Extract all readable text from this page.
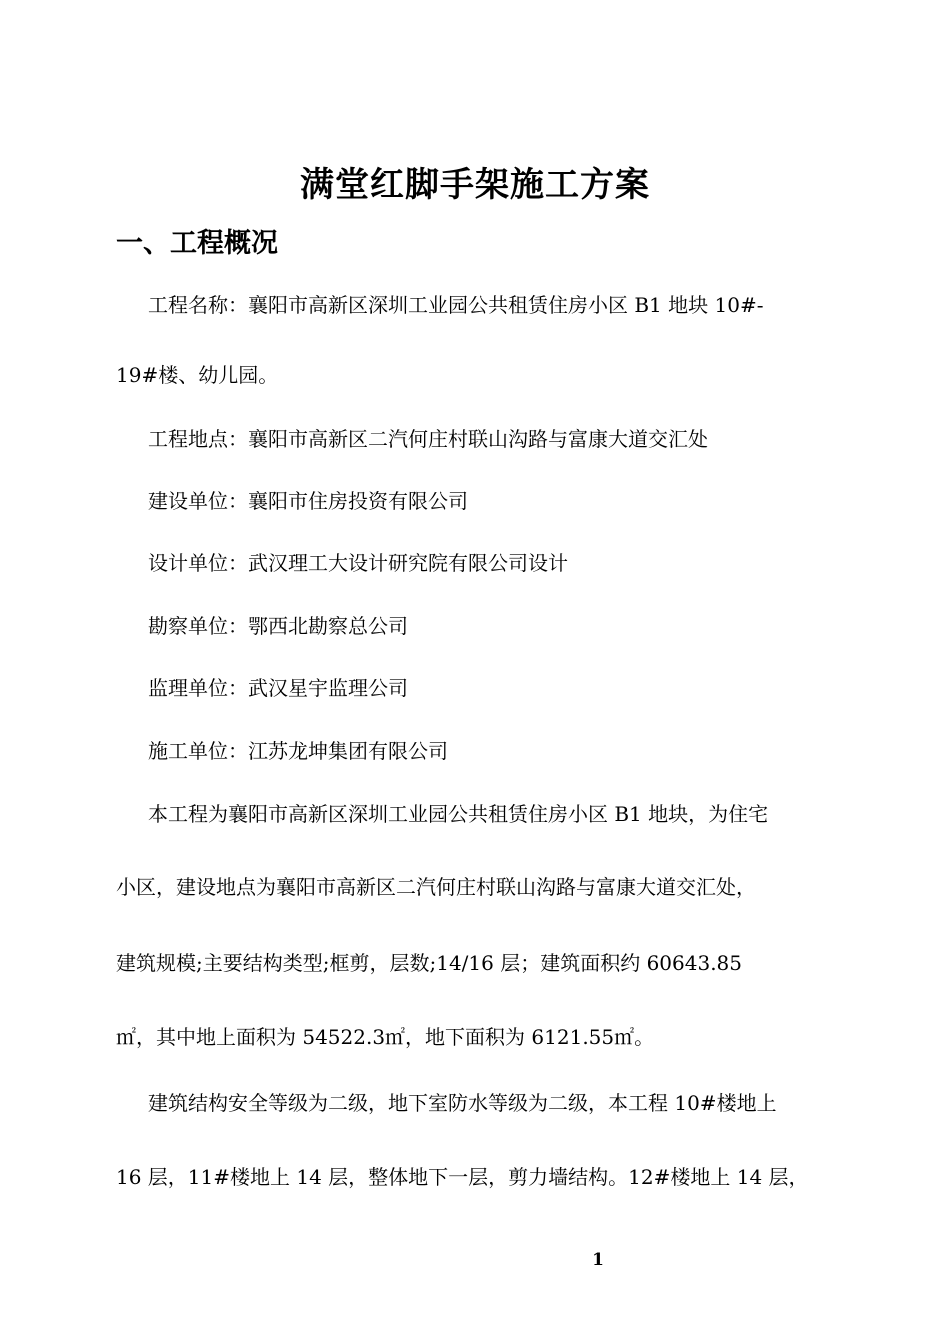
满堂红脚手架施工方案
一、工程概况
工程名称：襄阳市高新区深圳工业园公共租赁住房小区 B1 地块 10#-
19#楼、幼儿园。
工程地点：襄阳市高新区二汽何庄村联山沟路与富康大道交汇处
建设单位：襄阳市住房投资有限公司
设计单位：武汉理工大设计研究院有限公司设计
勘察单位：鄂西北勘察总公司
监理单位：武汉星宇监理公司
施工单位：江苏龙坤集团有限公司
本工程为襄阳市高新区深圳工业园公共租赁住房小区 B1 地块，为住宅
小区，建设地点为襄阳市高新区二汽何庄村联山沟路与富康大道交汇处，
建筑规模;主要结构类型;框剪，层数;14/16 层；建筑面积约 60643.85
㎡，其中地上面积为 54522.3㎡，地下面积为 6121.55㎡。
建筑结构安全等级为二级，地下室防水等级为二级，本工程 10#楼地上
16 层，11#楼地上 14 层，整体地下一层，剪力墙结构。12#楼地上 14 层，
1
